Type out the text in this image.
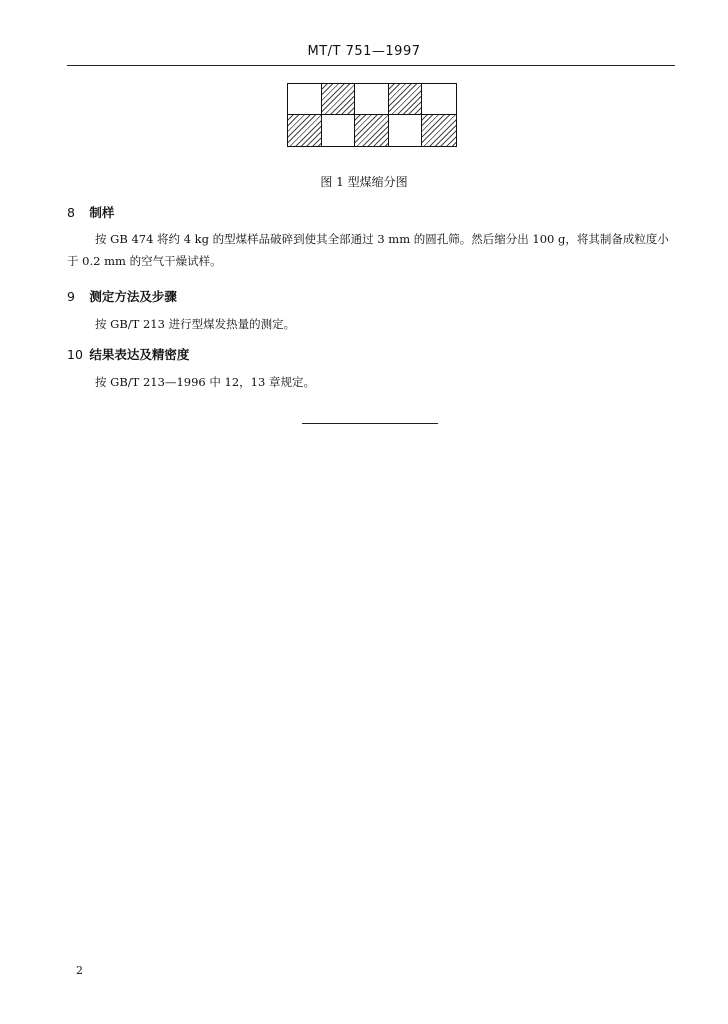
MT/T 751—1997
图 1 型煤缩分图
8 制样

按 GB 474 将约 4 kg 的型煤样品破碎到使其全部通过 3 mm 的圆孔筛。然后缩分出 100 g，将其制备成粒度小于 0.2 mm 的空气干燥试样。

9 测定方法及步骤

按 GB/T 213 进行型煤发热量的测定。

10 结果表达及精密度

按 GB/T 213—1996 中 12，13 章规定。

2
